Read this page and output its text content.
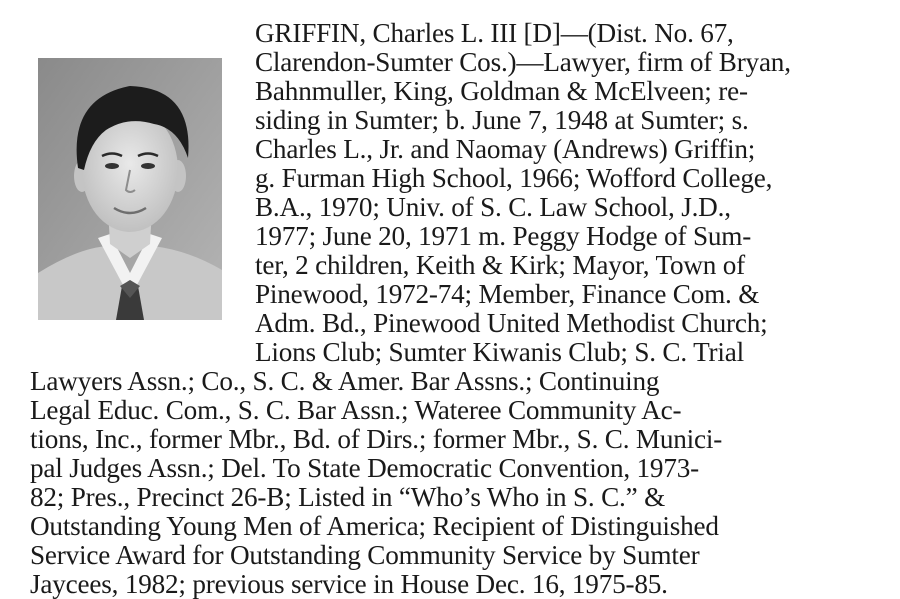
GRIFFIN, Charles L. III [D]—(Dist. No. 67,
Clarendon-Sumter Cos.)—Lawyer, firm of Bryan,
Bahnmuller, King, Goldman & McElveen; re-
siding in Sumter; b. June 7, 1948 at Sumter; s.
Charles L., Jr. and Naomay (Andrews) Griffin;
g. Furman High School, 1966; Wofford College,
B.A., 1970; Univ. of S. C. Law School, J.D.,
1977; June 20, 1971 m. Peggy Hodge of Sum-
ter, 2 children, Keith & Kirk; Mayor, Town of
Pinewood, 1972-74; Member, Finance Com. &
Adm. Bd., Pinewood United Methodist Church;
Lions Club; Sumter Kiwanis Club; S. C. Trial
Lawyers Assn.; Co., S. C. & Amer. Bar Assns.; Continuing
Legal Educ. Com., S. C. Bar Assn.; Wateree Community Ac-
tions, Inc., former Mbr., Bd. of Dirs.; former Mbr., S. C. Munici-
pal Judges Assn.; Del. To State Democratic Convention, 1973-
82; Pres., Precinct 26-B; Listed in “Who’s Who in S. C.” &
Outstanding Young Men of America; Recipient of Distinguished
Service Award for Outstanding Community Service by Sumter
Jaycees, 1982; previous service in House Dec. 16, 1975-85.
